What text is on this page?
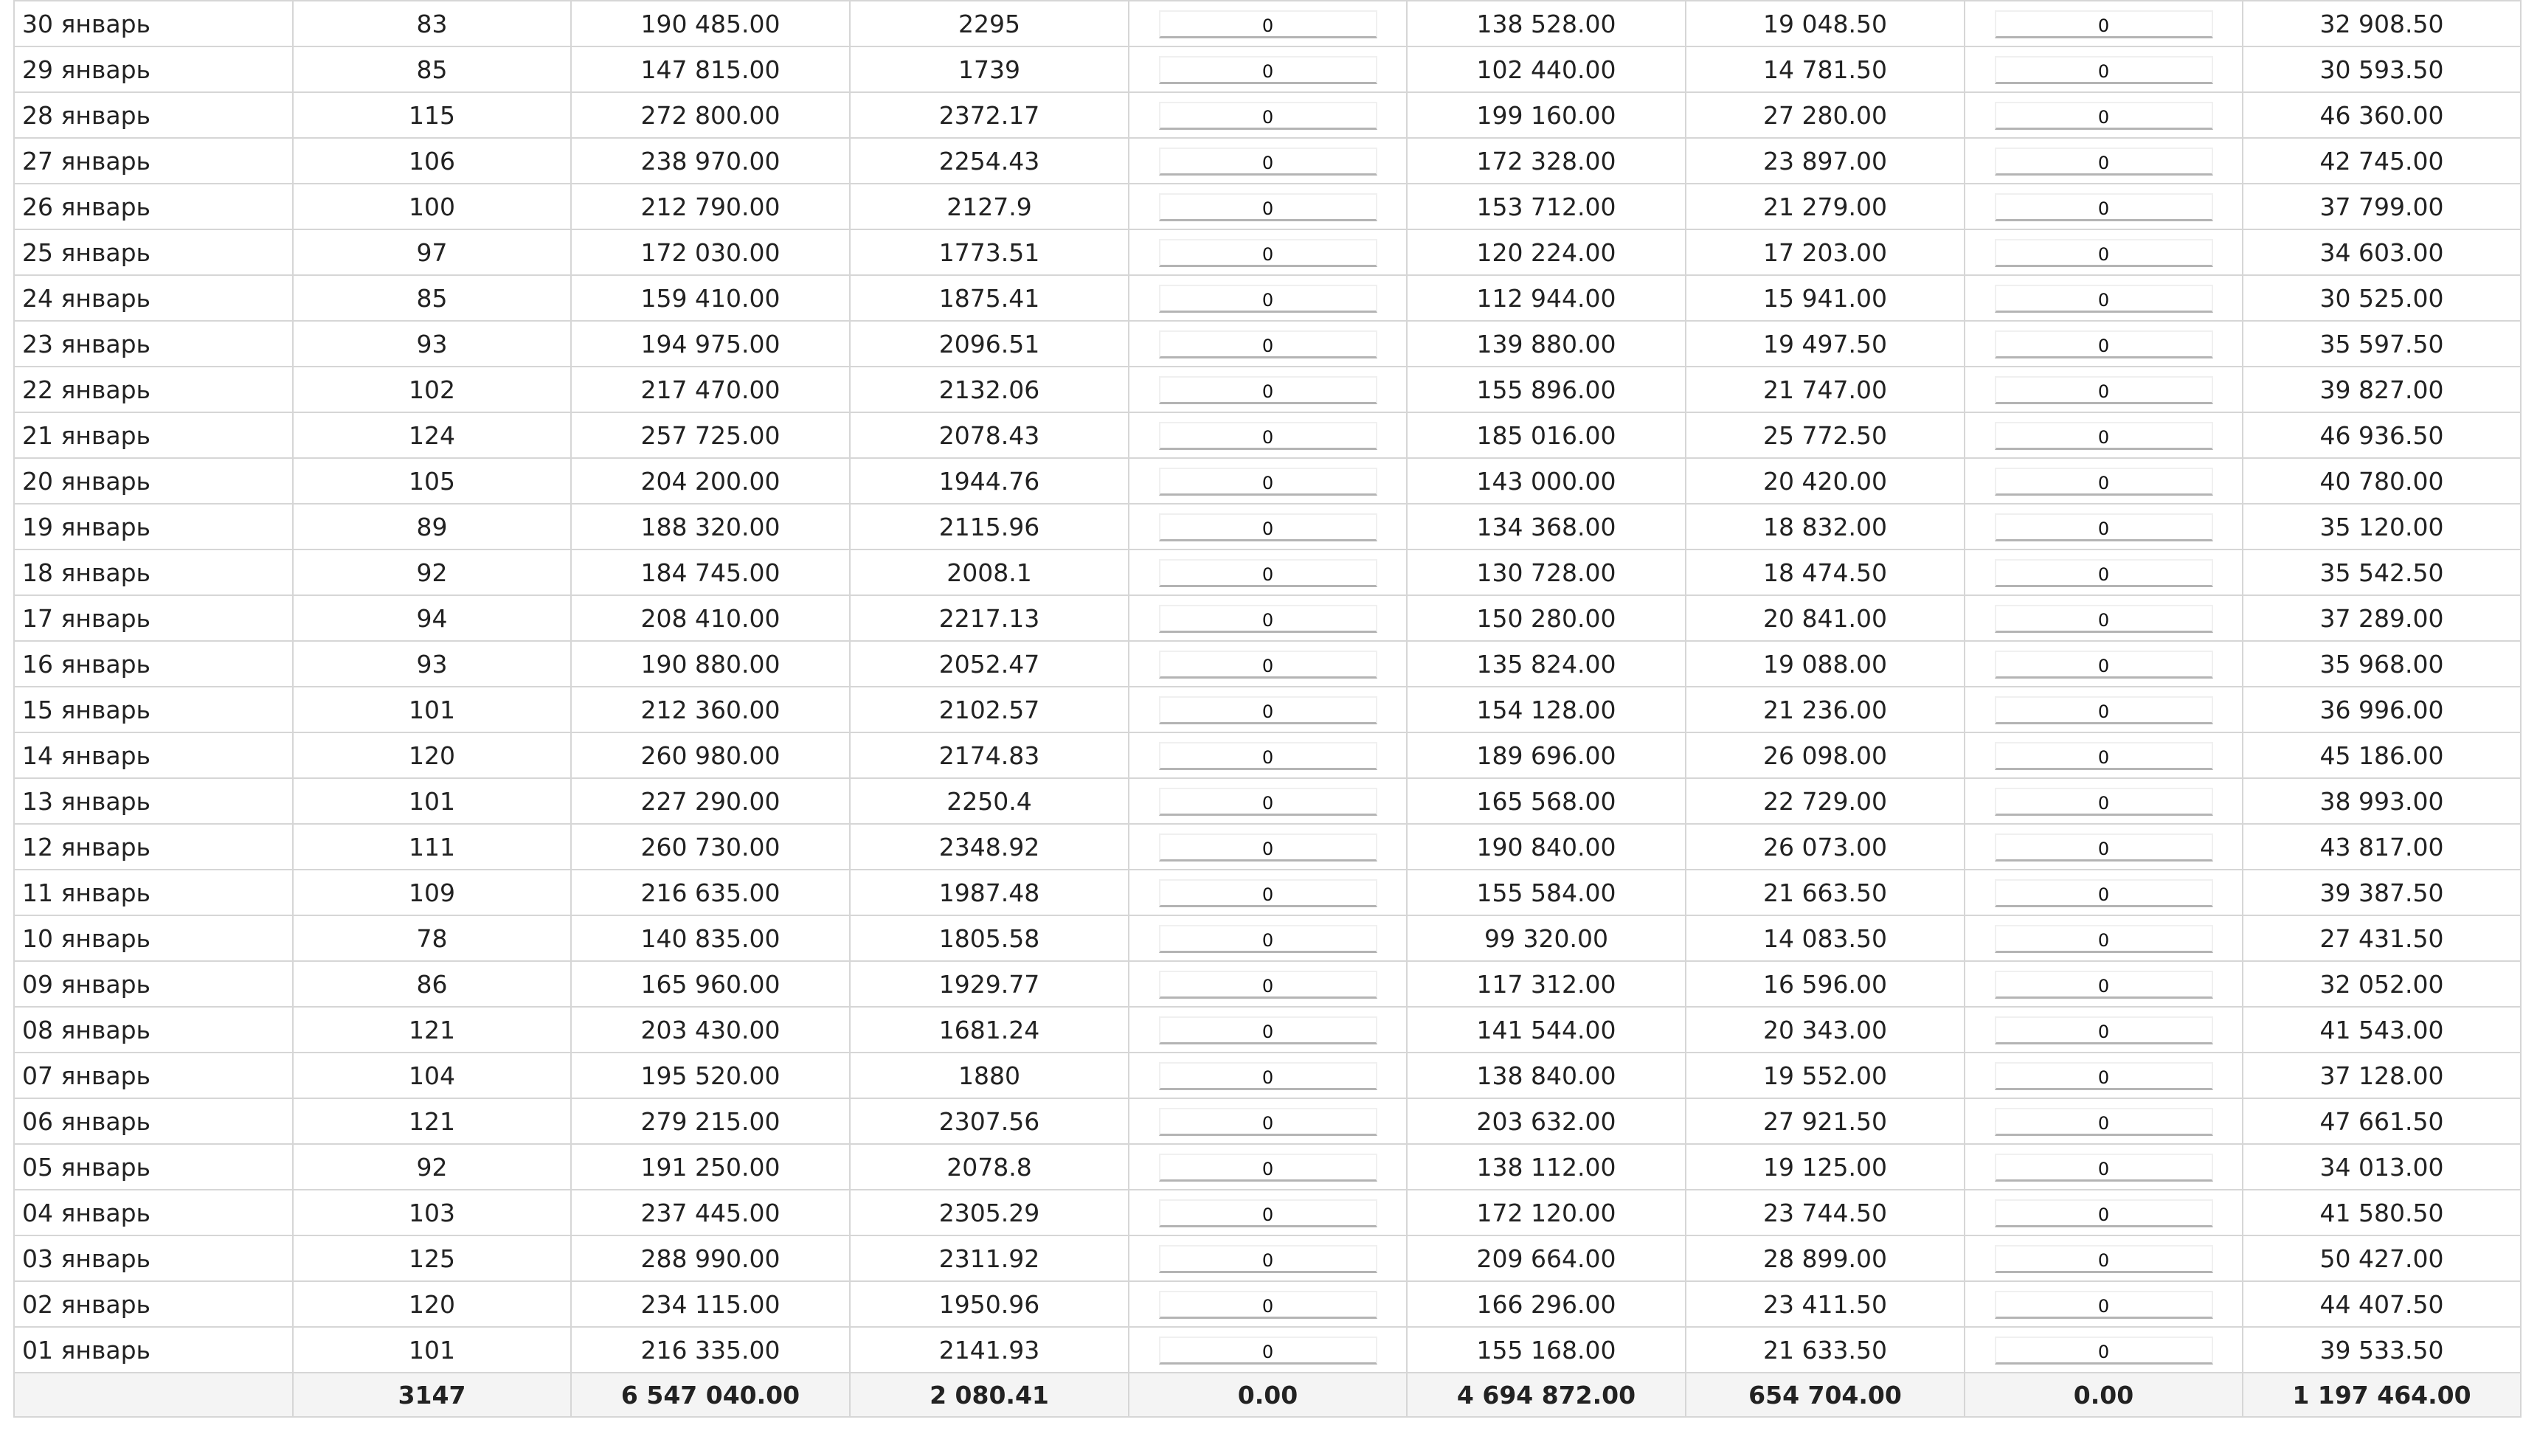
30 январь	83	190 485.00	2295	0	138 528.00	19 048.50	0	32 908.50
29 январь	85	147 815.00	1739	0	102 440.00	14 781.50	0	30 593.50
28 январь	115	272 800.00	2372.17	0	199 160.00	27 280.00	0	46 360.00
27 январь	106	238 970.00	2254.43	0	172 328.00	23 897.00	0	42 745.00
26 январь	100	212 790.00	2127.9	0	153 712.00	21 279.00	0	37 799.00
25 январь	97	172 030.00	1773.51	0	120 224.00	17 203.00	0	34 603.00
24 январь	85	159 410.00	1875.41	0	112 944.00	15 941.00	0	30 525.00
23 январь	93	194 975.00	2096.51	0	139 880.00	19 497.50	0	35 597.50
22 январь	102	217 470.00	2132.06	0	155 896.00	21 747.00	0	39 827.00
21 январь	124	257 725.00	2078.43	0	185 016.00	25 772.50	0	46 936.50
20 январь	105	204 200.00	1944.76	0	143 000.00	20 420.00	0	40 780.00
19 январь	89	188 320.00	2115.96	0	134 368.00	18 832.00	0	35 120.00
18 январь	92	184 745.00	2008.1	0	130 728.00	18 474.50	0	35 542.50
17 январь	94	208 410.00	2217.13	0	150 280.00	20 841.00	0	37 289.00
16 январь	93	190 880.00	2052.47	0	135 824.00	19 088.00	0	35 968.00
15 январь	101	212 360.00	2102.57	0	154 128.00	21 236.00	0	36 996.00
14 январь	120	260 980.00	2174.83	0	189 696.00	26 098.00	0	45 186.00
13 январь	101	227 290.00	2250.4	0	165 568.00	22 729.00	0	38 993.00
12 январь	111	260 730.00	2348.92	0	190 840.00	26 073.00	0	43 817.00
11 январь	109	216 635.00	1987.48	0	155 584.00	21 663.50	0	39 387.50
10 январь	78	140 835.00	1805.58	0	99 320.00	14 083.50	0	27 431.50
09 январь	86	165 960.00	1929.77	0	117 312.00	16 596.00	0	32 052.00
08 январь	121	203 430.00	1681.24	0	141 544.00	20 343.00	0	41 543.00
07 январь	104	195 520.00	1880	0	138 840.00	19 552.00	0	37 128.00
06 январь	121	279 215.00	2307.56	0	203 632.00	27 921.50	0	47 661.50
05 январь	92	191 250.00	2078.8	0	138 112.00	19 125.00	0	34 013.00
04 январь	103	237 445.00	2305.29	0	172 120.00	23 744.50	0	41 580.50
03 январь	125	288 990.00	2311.92	0	209 664.00	28 899.00	0	50 427.00
02 январь	120	234 115.00	1950.96	0	166 296.00	23 411.50	0	44 407.50
01 январь	101	216 335.00	2141.93	0	155 168.00	21 633.50	0	39 533.50
	3147	6 547 040.00	2 080.41	0.00	4 694 872.00	654 704.00	0.00	1 197 464.00
